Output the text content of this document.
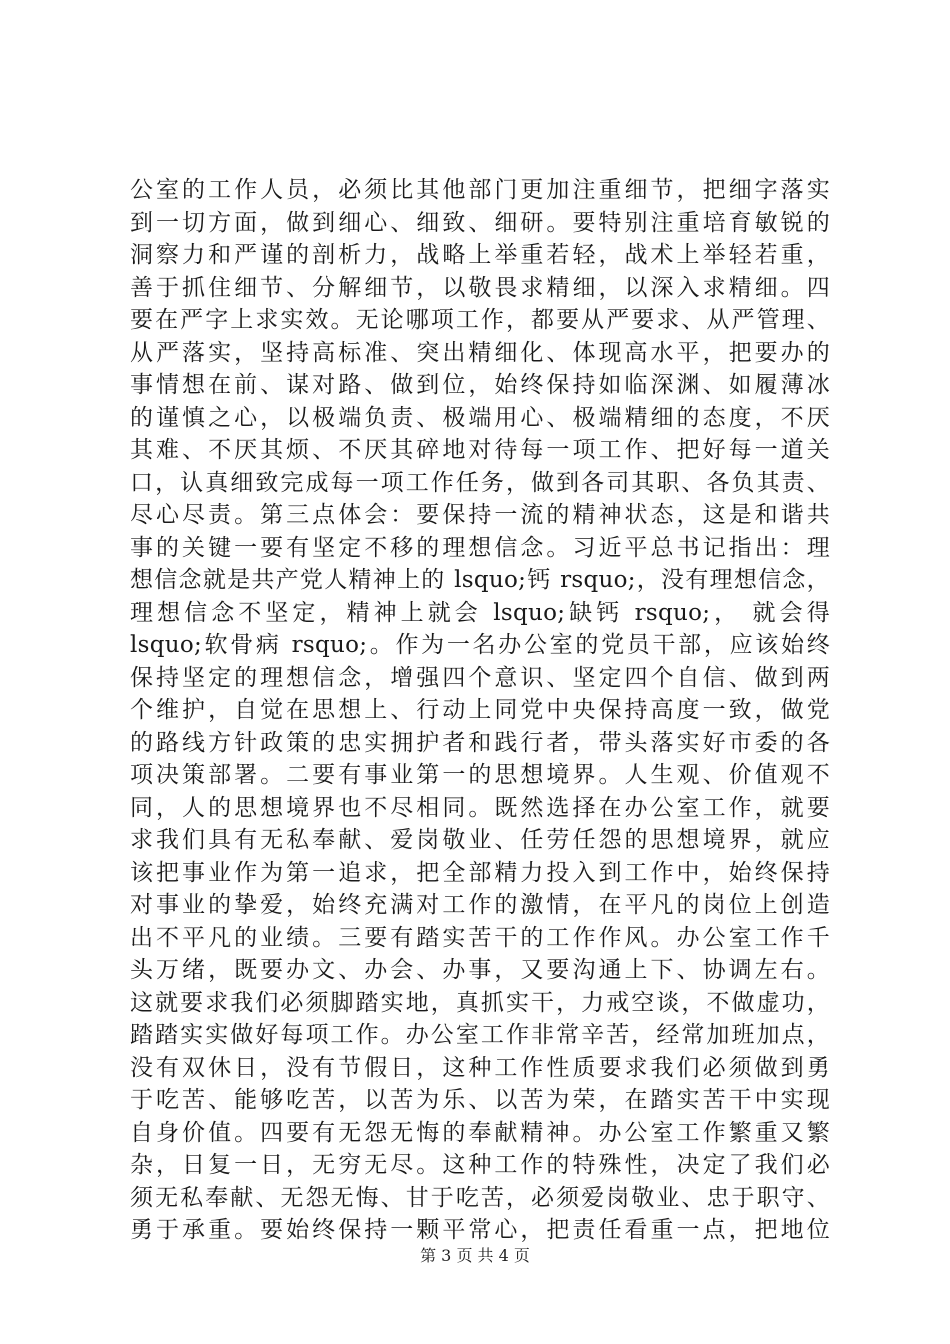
公室的工作人员，必须比其他部门更加注重细节，把细字落实
到一切方面，做到细心、细致、细研。要特别注重培育敏锐的
洞察力和严谨的剖析力，战略上举重若轻，战术上举轻若重，
善于抓住细节、分解细节，以敬畏求精细，以深入求精细。四
要在严字上求实效。无论哪项工作，都要从严要求、从严管理、
从严落实，坚持高标准、突出精细化、体现高水平，把要办的
事情想在前、谋对路、做到位，始终保持如临深渊、如履薄冰
的谨慎之心，以极端负责、极端用心、极端精细的态度，不厌
其难、不厌其烦、不厌其碎地对待每一项工作、把好每一道关
口，认真细致完成每一项工作任务，做到各司其职、各负其责、
尽心尽责。第三点体会：要保持一流的精神状态，这是和谐共
事的关键一要有坚定不移的理想信念。习近平总书记指出：理
想信念就是共产党人精神上的 lsquo;钙 rsquo;，没有理想信念，
理想信念不坚定，精神上就会 lsquo;缺钙 rsquo;， 就会得
lsquo;软骨病 rsquo;。作为一名办公室的党员干部，应该始终
保持坚定的理想信念，增强四个意识、坚定四个自信、做到两
个维护，自觉在思想上、行动上同党中央保持高度一致，做党
的路线方针政策的忠实拥护者和践行者，带头落实好市委的各
项决策部署。二要有事业第一的思想境界。人生观、价值观不
同，人的思想境界也不尽相同。既然选择在办公室工作，就要
求我们具有无私奉献、爱岗敬业、任劳任怨的思想境界，就应
该把事业作为第一追求，把全部精力投入到工作中，始终保持
对事业的挚爱，始终充满对工作的激情，在平凡的岗位上创造
出不平凡的业绩。三要有踏实苦干的工作作风。办公室工作千
头万绪，既要办文、办会、办事，又要沟通上下、协调左右。
这就要求我们必须脚踏实地，真抓实干，力戒空谈，不做虚功，
踏踏实实做好每项工作。办公室工作非常辛苦，经常加班加点，
没有双休日，没有节假日，这种工作性质要求我们必须做到勇
于吃苦、能够吃苦，以苦为乐、以苦为荣，在踏实苦干中实现
自身价值。四要有无怨无悔的奉献精神。办公室工作繁重又繁
杂，日复一日，无穷无尽。这种工作的特殊性，决定了我们必
须无私奉献、无怨无悔、甘于吃苦，必须爱岗敬业、忠于职守、
勇于承重。要始终保持一颗平常心，把责任看重一点，把地位
第 3 页 共 4 页
